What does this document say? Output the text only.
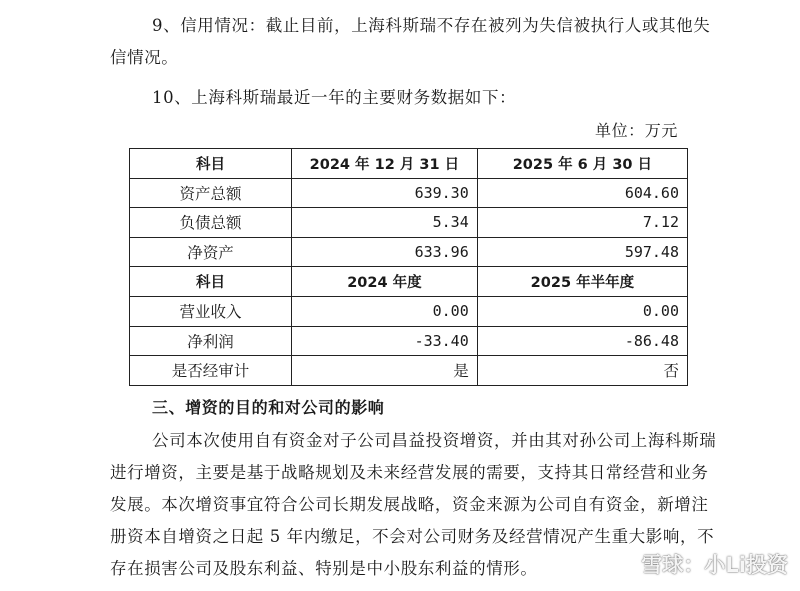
9、信用情况：截止目前，上海科斯瑞不存在被列为失信被执行人或其他失

信情况。

10、上海科斯瑞最近一年的主要财务数据如下：

单位：万元
科目	2024 年 12 月 31 日	2025 年 6 月 30 日
资产总额	639.30	604.60
负债总额	5.34	7.12
净资产	633.96	597.48
科目	2024 年度	2025 年半年度
营业收入	0.00	0.00
净利润	-33.40	-86.48
是否经审计	是	否

三、增资的目的和对公司的影响

公司本次使用自有资金对子公司昌益投资增资，并由其对孙公司上海科斯瑞

进行增资，主要是基于战略规划及未来经营发展的需要，支持其日常经营和业务

发展。本次增资事宜符合公司长期发展战略，资金来源为公司自有资金，新增注

册资本自增资之日起 5 年内缴足，不会对公司财务及经营情况产生重大影响，不

存在损害公司及股东利益、特别是中小股东利益的情形。	雪球：小Li投资
